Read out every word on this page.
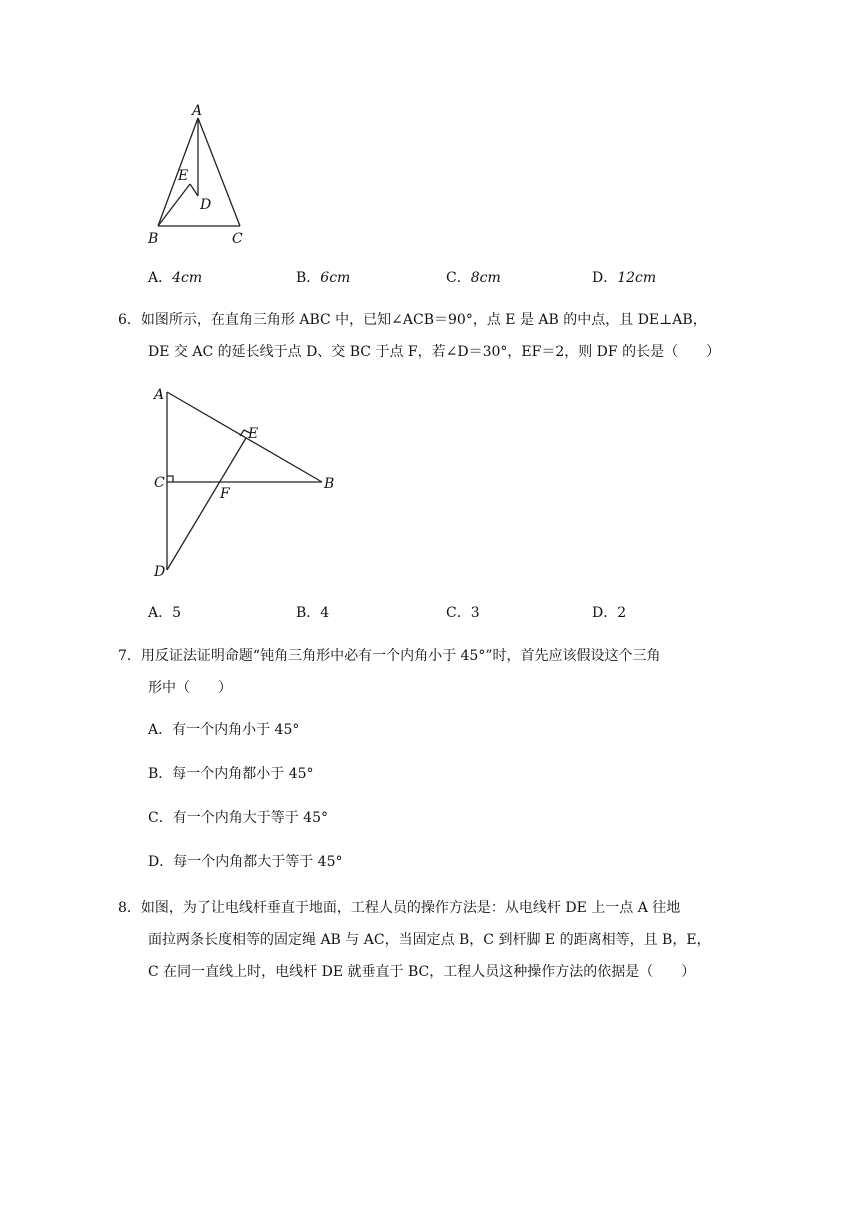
A
E
D
B	C
A．4cm	B．6cm	C．8cm	D．12cm
6．如图所示，在直角三角形 ABC 中，已知∠ACB＝90°，点 E 是 AB 的中点，且 DE⊥AB，
DE 交 AC 的延长线于点 D、交 BC 于点 F，若∠D＝30°，EF＝2，则 DF 的长是（　　）
A
E
C	B
F
D
A．5	B．4	C．3	D．2
7．用反证法证明命题“钝角三角形中必有一个内角小于 45°”时，首先应该假设这个三角
形中（　　）
A．有一个内角小于 45°
B．每一个内角都小于 45°
C．有一个内角大于等于 45°
D．每一个内角都大于等于 45°
8．如图，为了让电线杆垂直于地面，工程人员的操作方法是：从电线杆 DE 上一点 A 往地
面拉两条长度相等的固定绳 AB 与 AC，当固定点 B，C 到杆脚 E 的距离相等，且 B，E，
C 在同一直线上时，电线杆 DE 就垂直于 BC，工程人员这种操作方法的依据是（　　）
